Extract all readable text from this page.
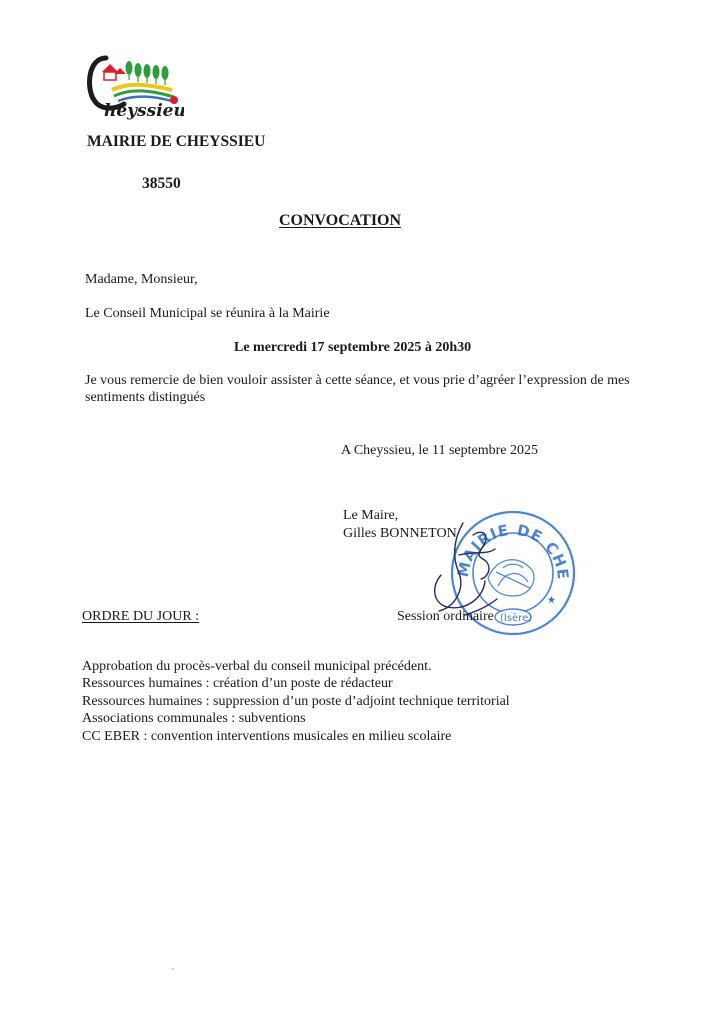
heyssieu
MAIRIE DE CHEYSSIEU
38550
CONVOCATION
Madame, Monsieur,
Le Conseil Municipal se réunira à la Mairie
Le mercredi 17 septembre 2025 à 20h30
Je vous remercie de bien vouloir assister à cette séance, et vous prie d’agréer l’expression de mes sentiments distingués
A Cheyssieu, le 11 septembre 2025
Le Maire,
Gilles BONNETON
MAIRIE DE CHE
(Isère)
★
ORDRE DU JOUR :	Session ordinaire
Approbation du procès-verbal du conseil municipal précédent.
Ressources humaines : création d’un poste de rédacteur
Ressources humaines : suppression d’un poste d’adjoint technique territorial
Associations communales : subventions
CC EBER : convention interventions musicales en milieu scolaire
